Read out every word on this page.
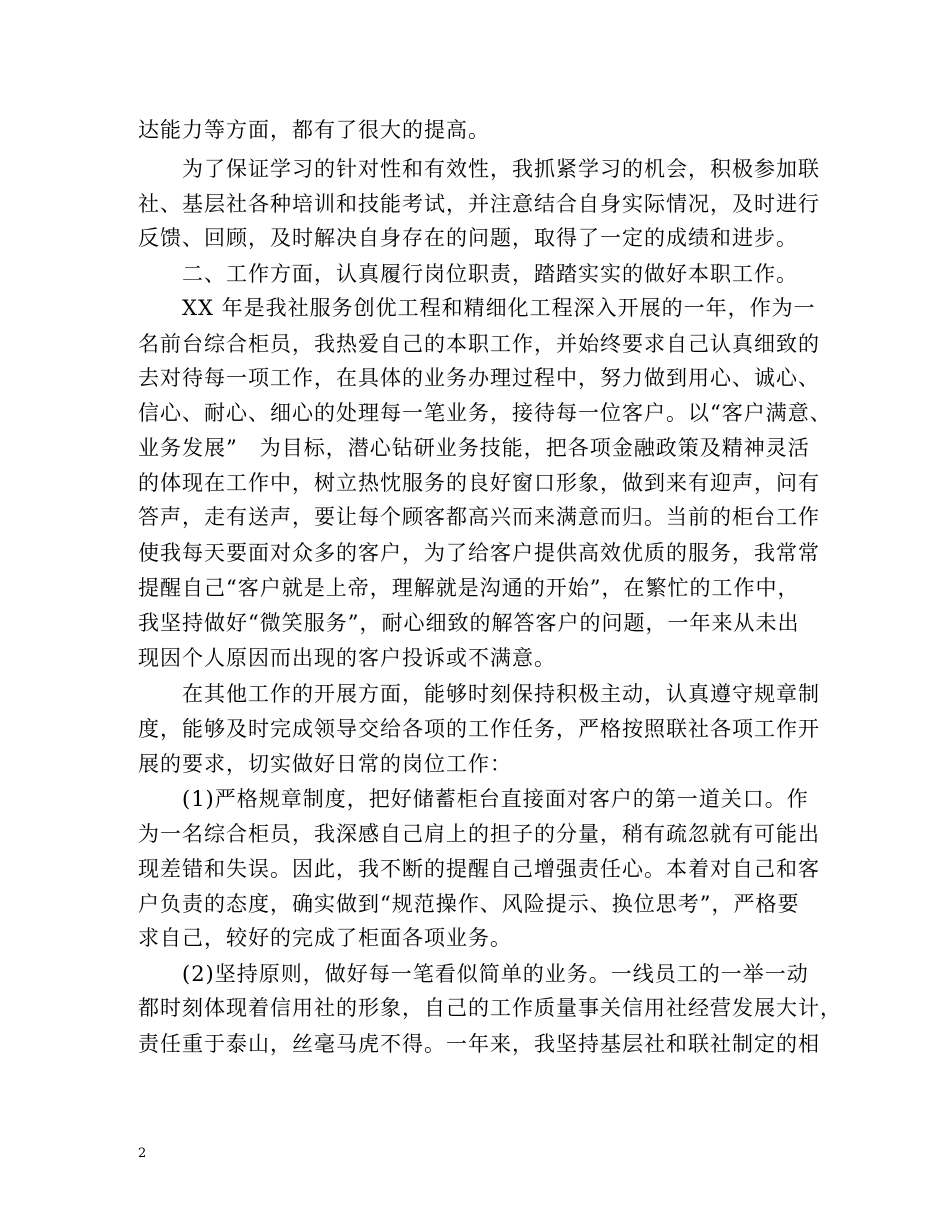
达能力等方面，都有了很大的提高。
　　为了保证学习的针对性和有效性，我抓紧学习的机会，积极参加联
社、基层社各种培训和技能考试，并注意结合自身实际情况，及时进行
反馈、回顾，及时解决自身存在的问题，取得了一定的成绩和进步。
　　二、工作方面，认真履行岗位职责，踏踏实实的做好本职工作。
　　XX 年是我社服务创优工程和精细化工程深入开展的一年，作为一
名前台综合柜员，我热爱自己的本职工作，并始终要求自己认真细致的
去对待每一项工作，在具体的业务办理过程中，努力做到用心、诚心、
信心、耐心、细心的处理每一笔业务，接待每一位客户。以“客户满意、
业务发展”　为目标，潜心钻研业务技能，把各项金融政策及精神灵活
的体现在工作中，树立热忱服务的良好窗口形象，做到来有迎声，问有
答声，走有送声，要让每个顾客都高兴而来满意而归。当前的柜台工作
使我每天要面对众多的客户，为了给客户提供高效优质的服务，我常常
提醒自己“客户就是上帝，理解就是沟通的开始”，在繁忙的工作中，
我坚持做好“微笑服务”，耐心细致的解答客户的问题，一年来从未出
现因个人原因而出现的客户投诉或不满意。
　　在其他工作的开展方面，能够时刻保持积极主动，认真遵守规章制
度，能够及时完成领导交给各项的工作任务，严格按照联社各项工作开
展的要求，切实做好日常的岗位工作：
　　(1)严格规章制度，把好储蓄柜台直接面对客户的第一道关口。作
为一名综合柜员，我深感自己肩上的担子的分量，稍有疏忽就有可能出
现差错和失误。因此，我不断的提醒自己增强责任心。本着对自己和客
户负责的态度，确实做到“规范操作、风险提示、换位思考”，严格要
求自己，较好的完成了柜面各项业务。
　　(2)坚持原则，做好每一笔看似简单的业务。一线员工的一举一动
都时刻体现着信用社的形象，自己的工作质量事关信用社经营发展大计，
责任重于泰山，丝毫马虎不得。一年来，我坚持基层社和联社制定的相
2
